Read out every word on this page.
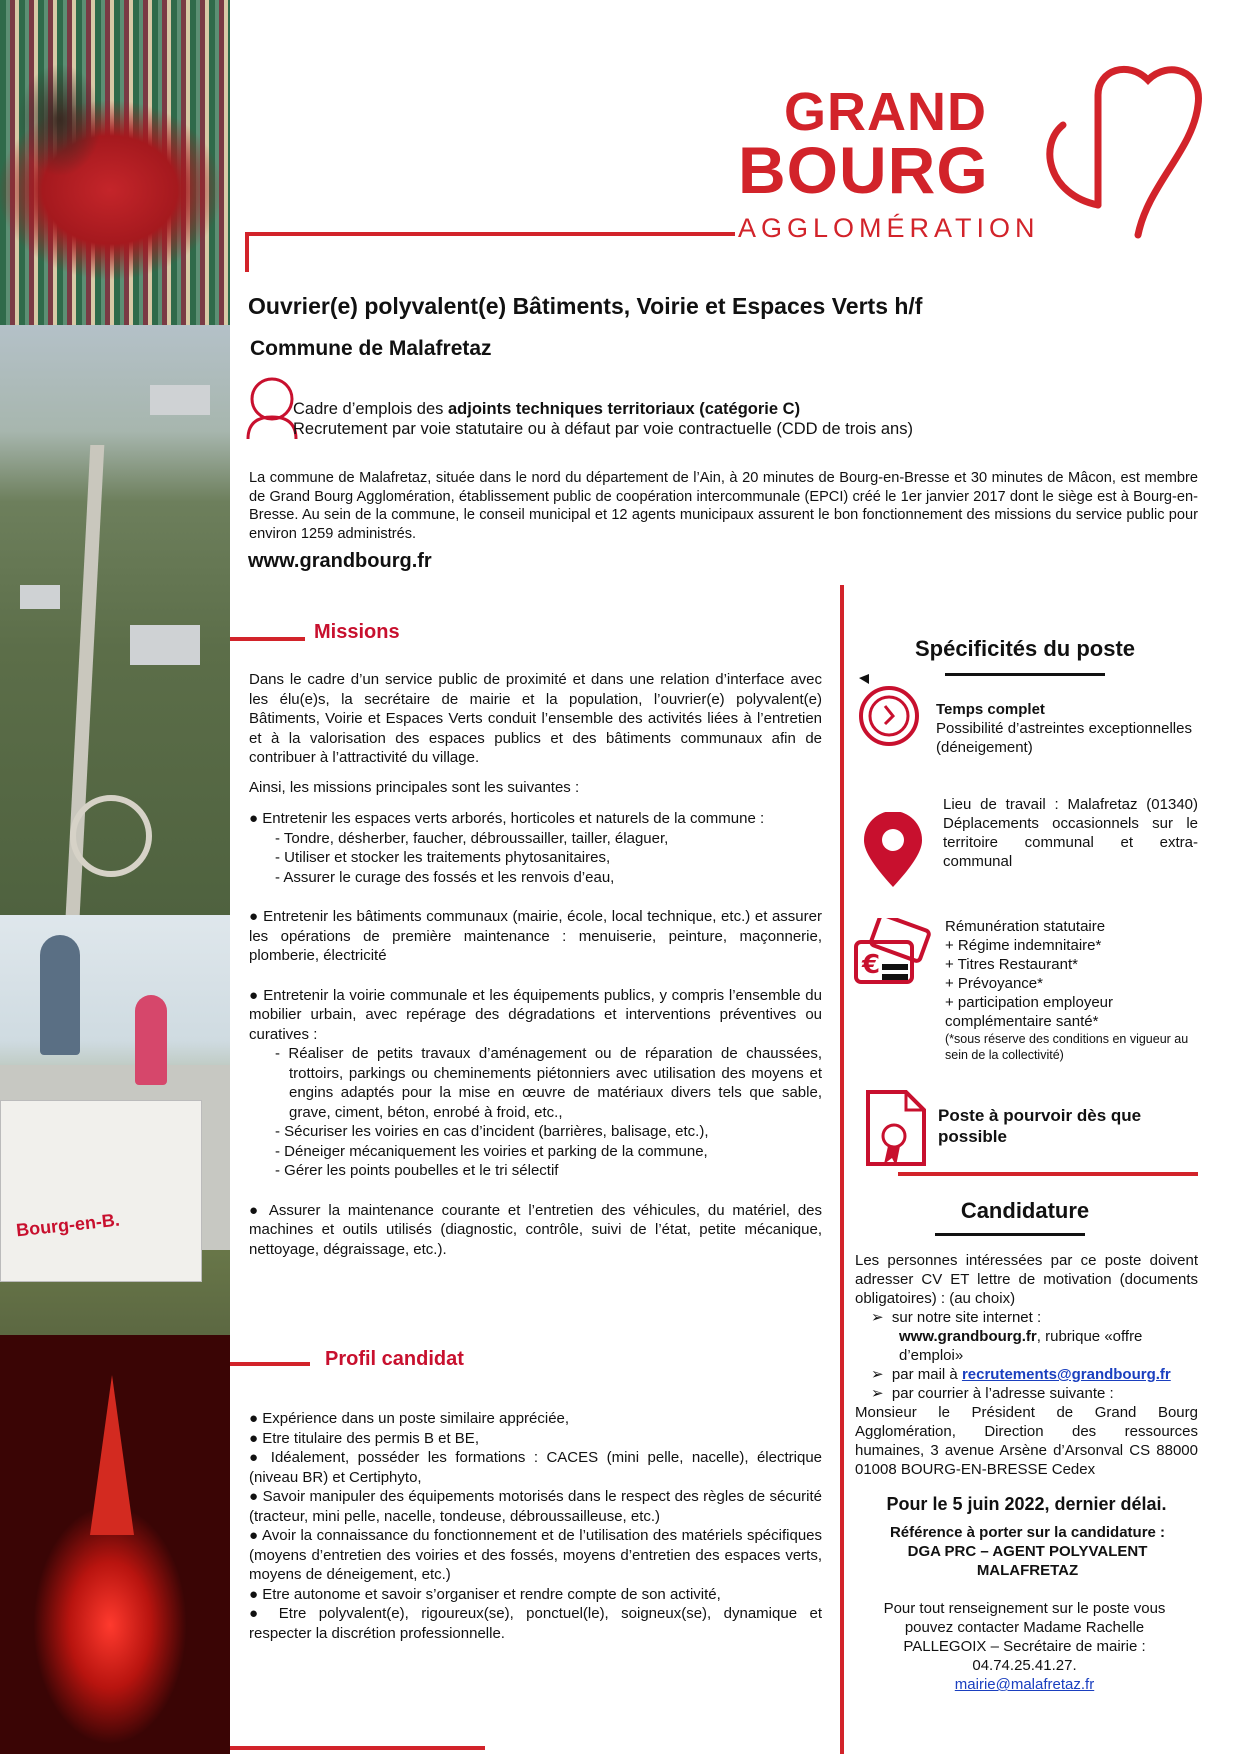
Bourg-en-B.
GRAND
BOURG
AGGLOMÉRATION
Ouvrier(e) polyvalent(e) Bâtiments, Voirie et Espaces Verts h/f
Commune de Malafretaz
Cadre d’emplois des adjoints techniques territoriaux (catégorie C)
Recrutement par voie statutaire ou à défaut par voie contractuelle (CDD de trois ans)
La commune de Malafretaz, située dans le nord du département de l’Ain, à 20 minutes de Bourg-en-Bresse et 30 minutes de Mâcon, est membre de Grand Bourg Agglomération, établissement public de coopération intercommunale (EPCI) créé le 1er janvier 2017 dont le siège est à Bourg-en-Bresse. Au sein de la commune, le conseil municipal et 12 agents municipaux assurent le bon fonctionnement des missions du service public pour environ 1259 administrés.
www.grandbourg.fr
Missions
Dans le cadre d’un service public de proximité et dans une relation d’interface avec les élu(e)s, la secrétaire de mairie et la population, l’ouvrier(e) polyvalent(e) Bâtiments, Voirie et Espaces Verts conduit l’ensemble des activités liées à l’entretien et à la valorisation des espaces publics et des bâtiments communaux afin de contribuer à l’attractivité du village.
Ainsi, les missions principales sont les suivantes :
● Entretenir les espaces verts arborés, horticoles et naturels de la commune :
- Tondre, désherber, faucher, débroussailler, tailler, élaguer,
- Utiliser et stocker les traitements phytosanitaires,
- Assurer le curage des fossés et les renvois d’eau,
● Entretenir les bâtiments communaux (mairie, école, local technique, etc.) et assurer les opérations de première maintenance : menuiserie, peinture, maçonnerie, plomberie, électricité
● Entretenir la voirie communale et les équipements publics, y compris l’ensemble du mobilier urbain, avec repérage des dégradations et interventions préventives ou curatives :
- Réaliser de petits travaux d’aménagement ou de réparation de chaussées, trottoirs, parkings ou cheminements piétonniers avec utilisation des moyens et engins adaptés pour la mise en œuvre de matériaux divers tels que sable, grave, ciment, béton, enrobé à froid, etc.,
- Sécuriser les voiries en cas d’incident (barrières, balisage, etc.),
- Déneiger mécaniquement les voiries et parking de la commune,
- Gérer les points poubelles et le tri sélectif
● Assurer la maintenance courante et l’entretien des véhicules, du matériel, des machines et outils utilisés (diagnostic, contrôle, suivi de l’état, petite mécanique, nettoyage, dégraissage, etc.).
Profil candidat
● Expérience dans un poste similaire appréciée,
● Etre titulaire des permis B et BE,
● Idéalement, posséder les formations : CACES (mini pelle, nacelle), électrique (niveau BR) et Certiphyto,
● Savoir manipuler des équipements motorisés dans le respect des règles de sécurité (tracteur, mini pelle, nacelle, tondeuse, débroussailleuse, etc.)
● Avoir la connaissance du fonctionnement et de l’utilisation des matériels spécifiques (moyens d’entretien des voiries et des fossés, moyens d’entretien des espaces verts, moyens de déneigement, etc.)
● Etre autonome et savoir s’organiser et rendre compte de son activité,
● Etre polyvalent(e), rigoureux(se), ponctuel(le), soigneux(se), dynamique et respecter la discrétion professionnelle.
Spécificités du poste
Temps complet
Possibilité d’astreintes exceptionnelles (déneigement)
Lieu de travail : Malafretaz (01340) Déplacements occasionnels sur le territoire communal et extra-communal
€
Rémunération statutaire
+ Régime indemnitaire*
+ Titres Restaurant*
+ Prévoyance*
+ participation employeur complémentaire santé*
(*sous réserve des conditions en vigueur au sein de la collectivité)
Poste à pourvoir dès que possible
Candidature
Les personnes intéressées par ce poste doivent adresser CV ET lettre de motivation (documents obligatoires) : (au choix)
➢  sur notre site internet :
www.grandbourg.fr, rubrique «offre d’emploi»
➢  par mail à recrutements@grandbourg.fr
➢  par courrier à l’adresse suivante :
Monsieur le Président de Grand Bourg Agglomération, Direction des ressources humaines, 3 avenue Arsène d’Arsonval CS 88000 01008 BOURG-EN-BRESSE Cedex
Pour le 5 juin 2022, dernier délai.
Référence à porter sur la candidature :
DGA PRC – AGENT POLYVALENT MALAFRETAZ
Pour tout renseignement sur le poste vous pouvez contacter Madame Rachelle PALLEGOIX – Secrétaire de mairie : 04.74.25.41.27.
mairie@malafretaz.fr
